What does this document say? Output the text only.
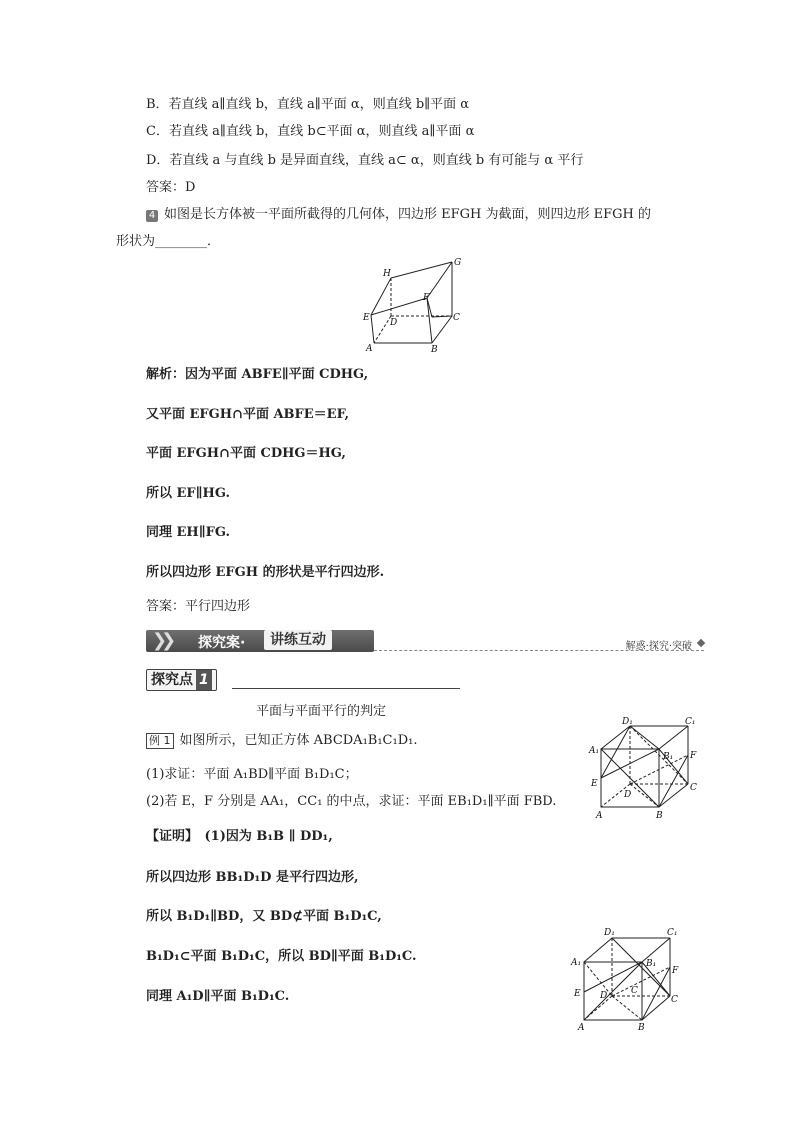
B．若直线 a∥直线 b，直线 a∥平面 α，则直线 b∥平面 α
C．若直线 a∥直线 b，直线 b⊂平面 α，则直线 a∥平面 α
D．若直线 a 与直线 b 是异面直线，直线 a⊂ α，则直线 b 有可能与 α 平行
答案：D
4 如图是长方体被一平面所截得的几何体，四边形 EFGH 为截面，则四边形 EFGH 的
形状为________．
H
G
F
E D	C
A	B
解析：因为平面 ABFE∥平面 CDHG,
又平面 EFGH∩平面 ABFE＝EF,
平面 EFGH∩平面 CDHG＝HG,
所以 EF∥HG.
同理 EH∥FG.
所以四边形 EFGH 的形状是平行四边形.
答案：平行四边形
❯❯ 探究案·	讲练互动	解惑·探究·突破
探究点 1
平面与平面平行的判定
例 1 如图所示，已知正方体 ABCDA₁B₁C₁D₁.
(1)求证：平面 A₁BD∥平面 B₁D₁C；
(2)若 E，F 分别是 AA₁，CC₁ 的中点，求证：平面 EB₁D₁∥平面 FBD.
【证明】　(1)因为 B₁B ∥ DD₁,
所以四边形 BB₁D₁D 是平行四边形,
所以 B₁D₁∥BD，又 BD⊄平面 B₁D₁C,
B₁D₁⊂平面 B₁D₁C，所以 BD∥平面 B₁D₁C.
同理 A₁D∥平面 B₁D₁C.
D₁	C₁
A₁
B₁ F
E
D
C
A	B
D₁	C₁
A₁	B₁
F
E D	C
C
A	B
